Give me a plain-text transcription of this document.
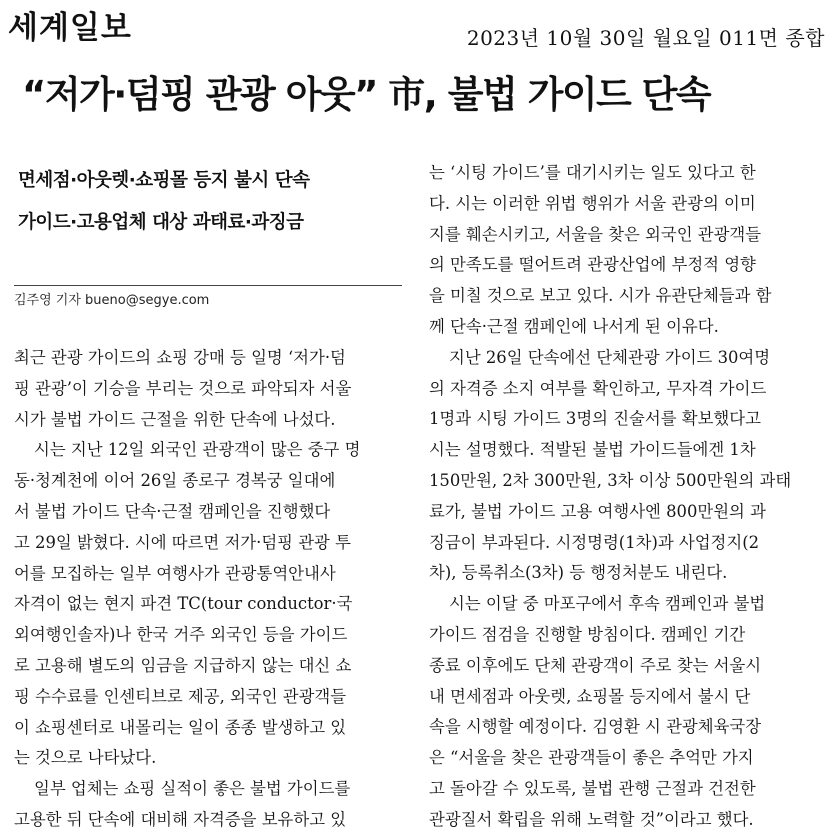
세계일보	2023년 10월 30일 월요일 011면 종합
“저가·덤핑 관광 아웃” 市, 불법 가이드 단속
면세점·아웃렛·쇼핑몰 등지 불시 단속
가이드·고용업체 대상 과태료·과징금
김주영 기자 bueno@segye.com
최근 관광 가이드의 쇼핑 강매 등 일명 ‘저가·덤
핑 관광’이 기승을 부리는 것으로 파악되자 서울
시가 불법 가이드 근절을 위한 단속에 나섰다.
시는 지난 12일 외국인 관광객이 많은 중구 명
동·청계천에 이어 26일 종로구 경복궁 일대에
서 불법 가이드 단속·근절 캠페인을 진행했다
고 29일 밝혔다. 시에 따르면 저가·덤핑 관광 투
어를 모집하는 일부 여행사가 관광통역안내사
자격이 없는 현지 파견 TC(tour conductor·국
외여행인솔자)나 한국 거주 외국인 등을 가이드
로 고용해 별도의 임금을 지급하지 않는 대신 쇼
핑 수수료를 인센티브로 제공, 외국인 관광객들
이 쇼핑센터로 내몰리는 일이 종종 발생하고 있
는 것으로 나타났다.
일부 업체는 쇼핑 실적이 좋은 불법 가이드를
고용한 뒤 단속에 대비해 자격증을 보유하고 있
는 ‘시팅 가이드’를 대기시키는 일도 있다고 한
다. 시는 이러한 위법 행위가 서울 관광의 이미
지를 훼손시키고, 서울을 찾은 외국인 관광객들
의 만족도를 떨어트려 관광산업에 부정적 영향
을 미칠 것으로 보고 있다. 시가 유관단체들과 함
께 단속·근절 캠페인에 나서게 된 이유다.
지난 26일 단속에선 단체관광 가이드 30여명
의 자격증 소지 여부를 확인하고, 무자격 가이드
1명과 시팅 가이드 3명의 진술서를 확보했다고
시는 설명했다. 적발된 불법 가이드들에겐 1차
150만원, 2차 300만원, 3차 이상 500만원의 과태
료가, 불법 가이드 고용 여행사엔 800만원의 과
징금이 부과된다. 시정명령(1차)과 사업정지(2
차), 등록취소(3차) 등 행정처분도 내린다.
시는 이달 중 마포구에서 후속 캠페인과 불법
가이드 점검을 진행할 방침이다. 캠페인 기간
종료 이후에도 단체 관광객이 주로 찾는 서울시
내 면세점과 아웃렛, 쇼핑몰 등지에서 불시 단
속을 시행할 예정이다. 김영환 시 관광체육국장
은 “서울을 찾은 관광객들이 좋은 추억만 가지
고 돌아갈 수 있도록, 불법 관행 근절과 건전한
관광질서 확립을 위해 노력할 것”이라고 했다.
